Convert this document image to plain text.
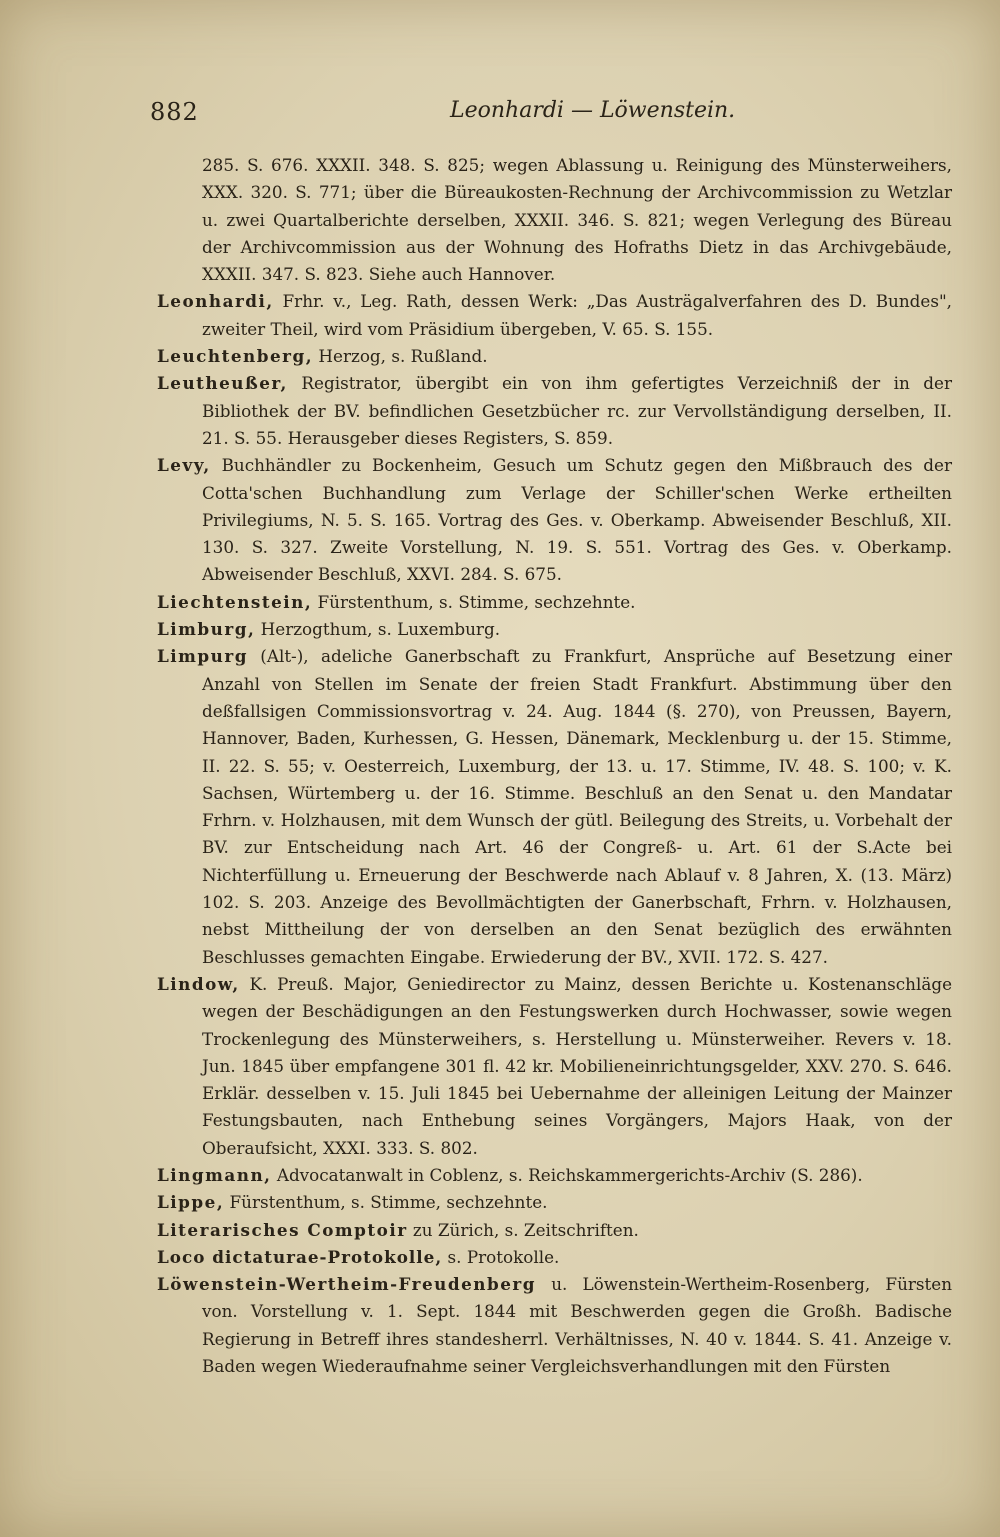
882	Leonhardi — Löwenstein.

285. S. 676. XXXII. 348. S. 825; wegen Ablassung u. Reinigung des Münsterweihers, XXX. 320. S. 771; über die Büreaukosten-Rechnung der Archivcommission zu Wetzlar u. zwei Quartalberichte derselben, XXXII. 346. S. 821; wegen Verlegung des Büreau der Archivcommission aus der Wohnung des Hofraths Dietz in das Archivgebäude, XXXII. 347. S. 823. Siehe auch Hannover.

Leonhardi, Frhr. v., Leg. Rath, dessen Werk: „Das Austrägalverfahren des D. Bundes", zweiter Theil, wird vom Präsidium übergeben, V. 65. S. 155.

Leuchtenberg, Herzog, s. Rußland.

Leutheußer, Registrator, übergibt ein von ihm gefertigtes Verzeichniß der in der Bibliothek der BV. befindlichen Gesetzbücher rc. zur Vervollständigung derselben, II. 21. S. 55. Herausgeber dieses Registers, S. 859.

Levy, Buchhändler zu Bockenheim, Gesuch um Schutz gegen den Mißbrauch des der Cotta'schen Buchhandlung zum Verlage der Schiller'schen Werke ertheilten Privilegiums, N. 5. S. 165. Vortrag des Ges. v. Oberkamp. Abweisender Beschluß, XII. 130. S. 327. Zweite Vorstellung, N. 19. S. 551. Vortrag des Ges. v. Oberkamp. Abweisender Beschluß, XXVI. 284. S. 675.

Liechtenstein, Fürstenthum, s. Stimme, sechzehnte.

Limburg, Herzogthum, s. Luxemburg.

Limpurg (Alt-), adeliche Ganerbschaft zu Frankfurt, Ansprüche auf Besetzung einer Anzahl von Stellen im Senate der freien Stadt Frankfurt. Abstimmung über den deßfallsigen Commissionsvortrag v. 24. Aug. 1844 (§. 270), von Preussen, Bayern, Hannover, Baden, Kurhessen, G. Hessen, Dänemark, Mecklenburg u. der 15. Stimme, II. 22. S. 55; v. Oesterreich, Luxemburg, der 13. u. 17. Stimme, IV. 48. S. 100; v. K. Sachsen, Würtemberg u. der 16. Stimme. Beschluß an den Senat u. den Mandatar Frhrn. v. Holzhausen, mit dem Wunsch der gütl. Beilegung des Streits, u. Vorbehalt der BV. zur Entscheidung nach Art. 46 der Congreß- u. Art. 61 der S.Acte bei Nichterfüllung u. Erneuerung der Beschwerde nach Ablauf v. 8 Jahren, X. (13. März) 102. S. 203. Anzeige des Bevollmächtigten der Ganerbschaft, Frhrn. v. Holzhausen, nebst Mittheilung der von derselben an den Senat bezüglich des erwähnten Beschlusses gemachten Eingabe. Erwiederung der BV., XVII. 172. S. 427.

Lindow, K. Preuß. Major, Geniedirector zu Mainz, dessen Berichte u. Kostenanschläge wegen der Beschädigungen an den Festungswerken durch Hochwasser, sowie wegen Trockenlegung des Münsterweihers, s. Herstellung u. Münsterweiher. Revers v. 18. Jun. 1845 über empfangene 301 fl. 42 kr. Mobilieneinrichtungsgelder, XXV. 270. S. 646. Erklär. desselben v. 15. Juli 1845 bei Uebernahme der alleinigen Leitung der Mainzer Festungsbauten, nach Enthebung seines Vorgängers, Majors Haak, von der Oberaufsicht, XXXI. 333. S. 802.

Lingmann, Advocatanwalt in Coblenz, s. Reichskammergerichts-Archiv (S. 286).

Lippe, Fürstenthum, s. Stimme, sechzehnte.

Literarisches Comptoir zu Zürich, s. Zeitschriften.

Loco dictaturae-Protokolle, s. Protokolle.

Löwenstein-Wertheim-Freudenberg u. Löwenstein-Wertheim-Rosenberg, Fürsten von. Vorstellung v. 1. Sept. 1844 mit Beschwerden gegen die Großh. Badische Regierung in Betreff ihres standesherrl. Verhältnisses, N. 40 v. 1844. S. 41. Anzeige v. Baden wegen Wiederaufnahme seiner Vergleichsverhandlungen mit den Fürsten
